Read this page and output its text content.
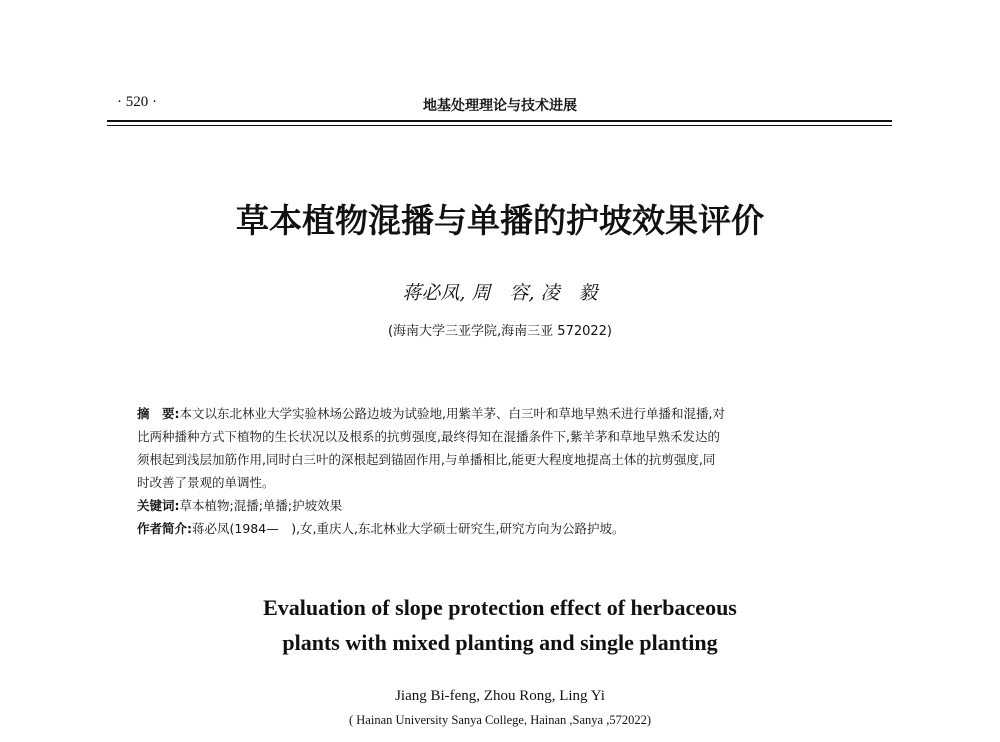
· 520 ·	地基处理理论与技术进展
草本植物混播与单播的护坡效果评价
蒋必凤, 周　容, 凌　毅
(海南大学三亚学院,海南三亚 572022)

摘　要:本文以东北林业大学实验林场公路边坡为试验地,用紫羊茅、白三叶和草地早熟禾进行单播和混播,对

比两种播种方式下植物的生长状况以及根系的抗剪强度,最终得知在混播条件下,紫羊茅和草地早熟禾发达的

须根起到浅层加筋作用,同时白三叶的深根起到锚固作用,与单播相比,能更大程度地提高土体的抗剪强度,同

时改善了景观的单调性。

关键词:草本植物;混播;单播;护坡效果

作者简介:蒋必凤(1984—　),女,重庆人,东北林业大学硕士研究生,研究方向为公路护坡。

Evaluation of slope protection effect of herbaceous
plants with mixed planting and single planting
Jiang Bi-feng, Zhou Rong, Ling Yi
( Hainan University Sanya College, Hainan ,Sanya ,572022)
